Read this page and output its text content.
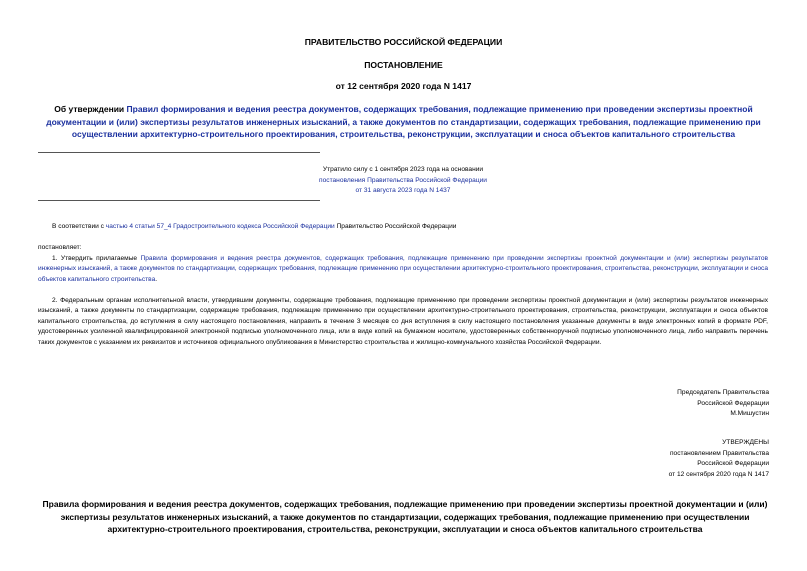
ПРАВИТЕЛЬСТВО РОССИЙСКОЙ ФЕДЕРАЦИИ
ПОСТАНОВЛЕНИЕ
от 12 сентября 2020 года N 1417
Об утверждении Правил формирования и ведения реестра документов, содержащих требования, подлежащие применению при проведении экспертизы проектной документации и (или) экспертизы результатов инженерных изысканий, а также документов по стандартизации, содержащих требования, подлежащие применению при осуществлении архитектурно-строительного проектирования, строительства, реконструкции, эксплуатации и сноса объектов капитального строительства
Утратило силу с 1 сентября 2023 года на основании
постановления Правительства Российской Федерации
от 31 августа 2023 года N 1437
В соответствии с частью 4 статьи 57_4 Градостроительного кодекса Российской Федерации Правительство Российской Федерации
постановляет:
1. Утвердить прилагаемые Правила формирования и ведения реестра документов, содержащих требования, подлежащие применению при проведении экспертизы проектной документации и (или) экспертизы результатов инженерных изысканий, а также документов по стандартизации, содержащих требования, подлежащие применению при осуществлении архитектурно-строительного проектирования, строительства, реконструкции, эксплуатации и сноса объектов капитального строительства.
2. Федеральным органам исполнительной власти, утвердившим документы, содержащие требования, подлежащие применению при проведении экспертизы проектной документации и (или) экспертизы результатов инженерных изысканий, а также документы по стандартизации, содержащие требования, подлежащие применению при осуществлении архитектурно-строительного проектирования, строительства, реконструкции, эксплуатации и сноса объектов капитального строительства, до вступления в силу настоящего постановления, направить в течение 3 месяцев со дня вступления в силу настоящего постановления указанные документы в виде электронных копий в формате PDF, удостоверенных усиленной квалифицированной электронной подписью уполномоченного лица, или в виде копий на бумажном носителе, удостоверенных собственноручной подписью уполномоченного лица, либо направить перечень таких документов с указанием их реквизитов и источников официального опубликования в Министерство строительства и жилищно-коммунального хозяйства Российской Федерации.
Председатель Правительства
Российской Федерации
М.Мишустин
УТВЕРЖДЕНЫ
постановлением Правительства
Российской Федерации
от 12 сентября 2020 года N 1417
Правила формирования и ведения реестра документов, содержащих требования, подлежащие применению при проведении экспертизы проектной документации и (или) экспертизы результатов инженерных изысканий, а также документов по стандартизации, содержащих требования, подлежащие применению при осуществлении архитектурно-строительного проектирования, строительства, реконструкции, эксплуатации и сноса объектов капитального строительства
